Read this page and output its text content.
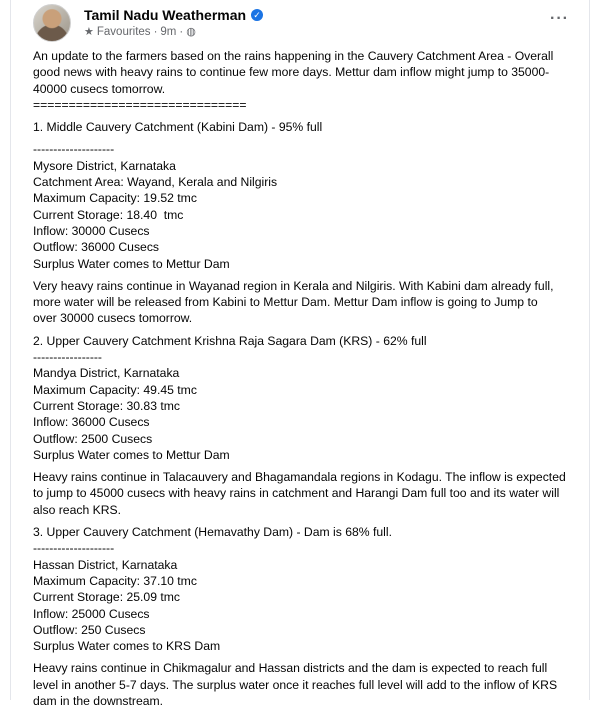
Tamil Nadu Weatherman ✓
★ Favourites · 9m · ◍
···
An update to the farmers based on the rains happening in the Cauvery Catchment Area - Overall
good news with heavy rains to continue few more days. Mettur dam inflow might jump to 35000-
40000 cusecs tomorrow.
==============================
1. Middle Cauvery Catchment (Kabini Dam) - 95% full
--------------------
Mysore District, Karnataka
Catchment Area: Wayand, Kerala and Nilgiris
Maximum Capacity: 19.52 tmc
Current Storage: 18.40  tmc
Inflow: 30000 Cusecs
Outflow: 36000 Cusecs
Surplus Water comes to Mettur Dam
Very heavy rains continue in Wayanad region in Kerala and Nilgiris. With Kabini dam already full,
more water will be released from Kabini to Mettur Dam. Mettur Dam inflow is going to Jump to
over 30000 cusecs tomorrow.
2. Upper Cauvery Catchment Krishna Raja Sagara Dam (KRS) - 62% full
-----------------
Mandya District, Karnataka
Maximum Capacity: 49.45 tmc
Current Storage: 30.83 tmc
Inflow: 36000 Cusecs
Outflow: 2500 Cusecs
Surplus Water comes to Mettur Dam
Heavy rains continue in Talacauvery and Bhagamandala regions in Kodagu. The inflow is expected
to jump to 45000 cusecs with heavy rains in catchment and Harangi Dam full too and its water will
also reach KRS.
3. Upper Cauvery Catchment (Hemavathy Dam) - Dam is 68% full.
--------------------
Hassan District, Karnataka
Maximum Capacity: 37.10 tmc
Current Storage: 25.09 tmc
Inflow: 25000 Cusecs
Outflow: 250 Cusecs
Surplus Water comes to KRS Dam
Heavy rains continue in Chikmagalur and Hassan districts and the dam is expected to reach full
level in another 5-7 days. The surplus water once it reaches full level will add to the inflow of KRS
dam in the downstream.
